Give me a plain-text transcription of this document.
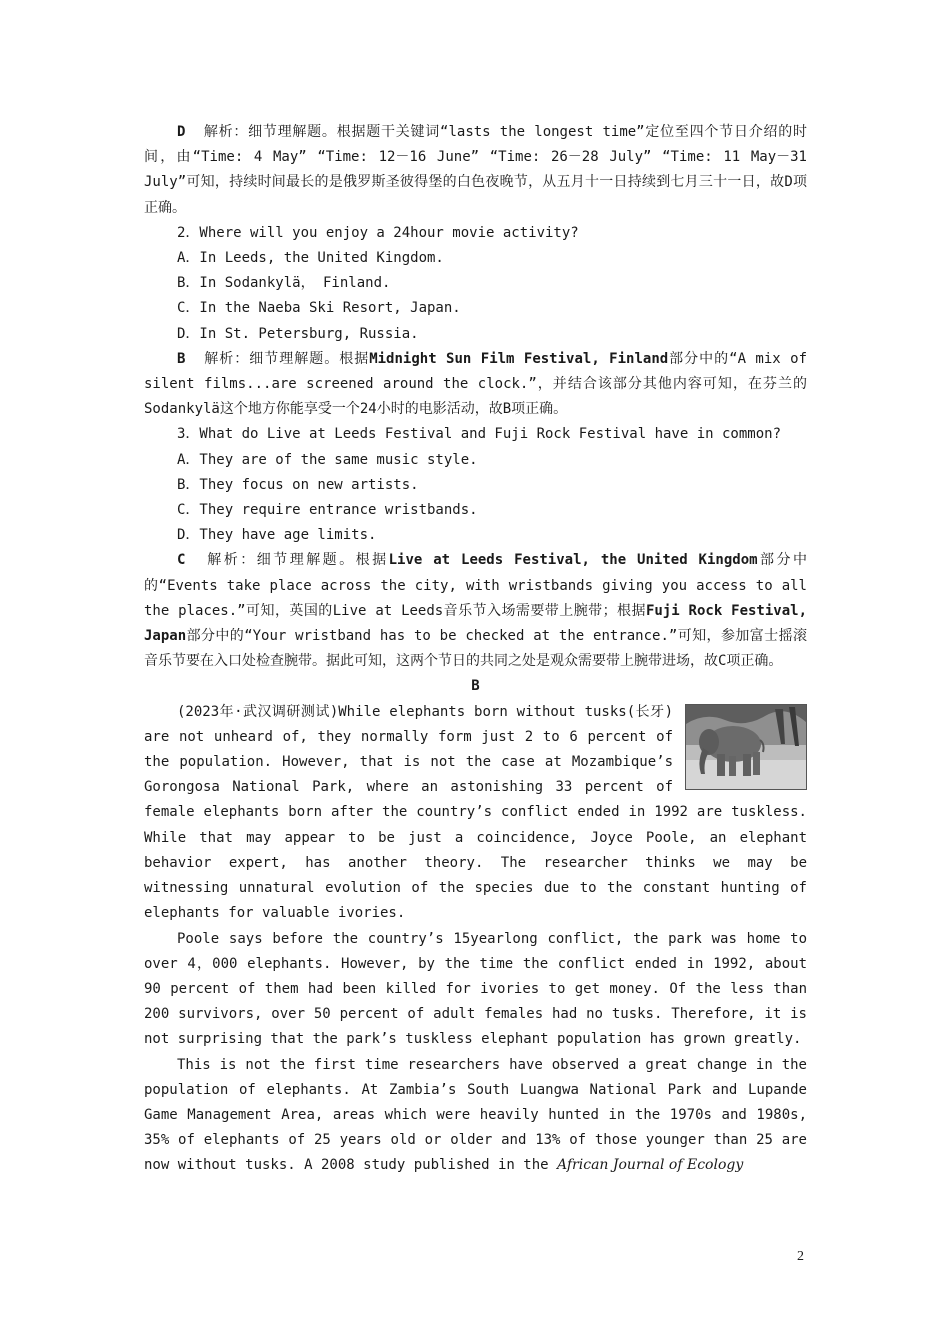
D 解析：细节理解题。根据题干关键词“lasts the longest time”定位至四个节日介绍的时间，由“Time: 4 May” “Time: 12－16 June” “Time: 26－28 July” “Time: 11 May－31 July”可知，持续时间最长的是俄罗斯圣彼得堡的白色夜晚节，从五月十一日持续到七月三十一日，故D项正确。

2．Where will you enjoy a 24hour movie activity?

A．In Leeds, the United Kingdom.

B．In Sodankylä， Finland.

C．In the Naeba Ski Resort, Japan.

D．In St. Petersburg, Russia.

B 解析：细节理解题。根据Midnight Sun Film Festival, Finland部分中的“A mix of silent films...are screened around the clock.”，并结合该部分其他内容可知，在芬兰的Sodankylä这个地方你能享受一个24小时的电影活动，故B项正确。

3．What do Live at Leeds Festival and Fuji Rock Festival have in common?

A．They are of the same music style.

B．They focus on new artists.

C．They require entrance wristbands.

D．They have age limits.

C 解析：细节理解题。根据Live at Leeds Festival, the United Kingdom部分中的“Events take place across the city, with wristbands giving you access to all the places.”可知，英国的Live at Leeds音乐节入场需要带上腕带；根据Fuji Rock Festival, Japan部分中的“Your wristband has to be checked at the entrance.”可知，参加富士摇滚音乐节要在入口处检查腕带。据此可知，这两个节日的共同之处是观众需要带上腕带进场，故C项正确。

B

(2023年·武汉调研测试)While elephants born without tusks(长牙) are not unheard of, they normally form just 2 to 6 percent of the population. However, that is not the case at Mozambique’s Gorongosa National Park, where an astonishing 33 percent of female elephants born after the country’s conflict ended in 1992 are tuskless. While that may appear to be just a coincidence, Joyce Poole, an elephant behavior expert, has another theory. The researcher thinks we may be witnessing unnatural evolution of the species due to the constant hunting of elephants for valuable ivories.

Poole says before the country’s 15yearlong conflict, the park was home to over 4，000 elephants. However, by the time the conflict ended in 1992, about 90 percent of them had been killed for ivories to get money. Of the less than 200 survivors, over 50 percent of adult females had no tusks. Therefore, it is not surprising that the park’s tuskless elephant population has grown greatly.

This is not the first time researchers have observed a great change in the population of elephants. At Zambia’s South Luangwa National Park and Lupande Game Management Area, areas which were heavily hunted in the 1970s and 1980s, 35% of elephants of 25 years old or older and 13% of those younger than 25 are now without tusks. A 2008 study published in the African Journal of Ecology

2
